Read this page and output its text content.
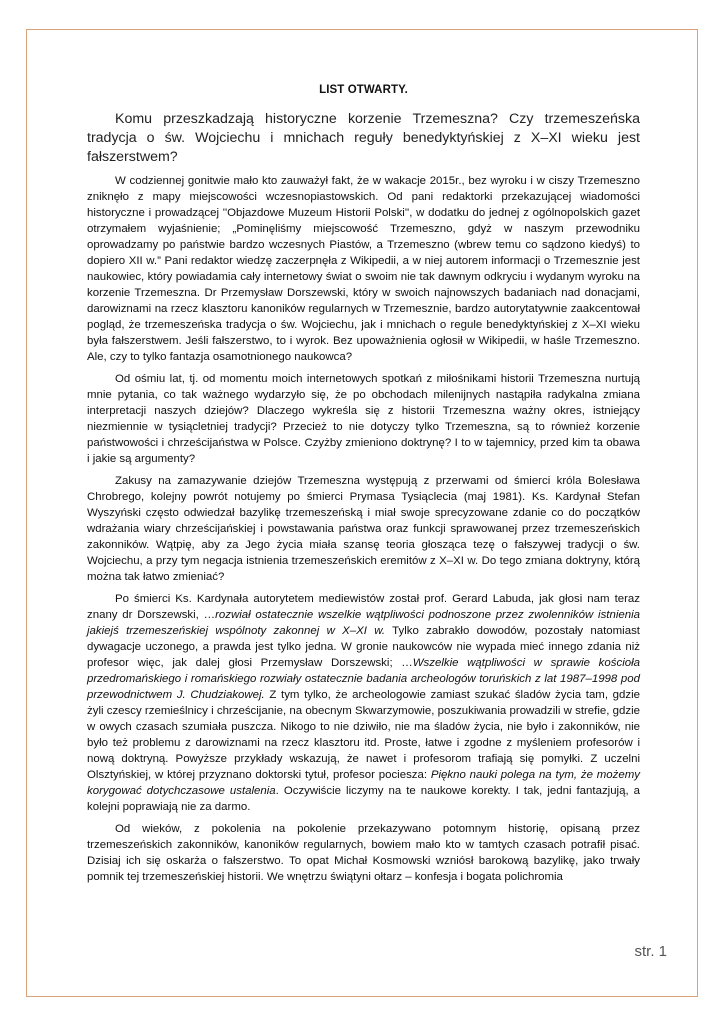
LIST OTWARTY.
Komu przeszkadzają historyczne korzenie Trzemeszna? Czy trzemeszeńska tradycja o św. Wojciechu i mnichach reguły benedyktyńskiej z X–XI wieku jest fałszerstwem?

W codziennej gonitwie mało kto zauważył fakt, że w wakacje 2015r., bez wyroku i w ciszy Trzemeszno zniknęło z mapy miejscowości wczesnopiastowskich. Od pani redaktorki przekazującej wiadomości historyczne i prowadzącej ''Objazdowe Muzeum Historii Polski'', w dodatku do jednej z ogólnopolskich gazet otrzymałem wyjaśnienie; „Pominęliśmy miejscowość Trzemeszno, gdyż w naszym przewodniku oprowadzamy po państwie bardzo wczesnych Piastów, a Trzemeszno (wbrew temu co sądzono kiedyś) to dopiero XII w.” Pani redaktor wiedzę zaczerpnęła z Wikipedii, a w niej autorem informacji o Trzemesznie jest naukowiec, który powiadamia cały internetowy świat o swoim nie tak dawnym odkryciu i wydanym wyroku na korzenie Trzemeszna. Dr Przemysław Dorszewski, który w swoich najnowszych badaniach nad donacjami, darowiznami na rzecz klasztoru kanoników regularnych w Trzemesznie, bardzo autorytatywnie zaakcentował pogląd, że trzemeszeńska tradycja o św. Wojciechu, jak i mnichach o regule benedyktyńskiej z X–XI wieku była fałszerstwem. Jeśli fałszerstwo, to i wyrok. Bez upoważnienia ogłosił w Wikipedii, w haśle Trzemeszno. Ale, czy to tylko fantazja osamotnionego naukowca?

Od ośmiu lat, tj. od momentu moich internetowych spotkań z miłośnikami historii Trzemeszna nurtują mnie pytania, co tak ważnego wydarzyło się, że po obchodach milenijnych nastąpiła radykalna zmiana interpretacji naszych dziejów? Dlaczego wykreśla się z historii Trzemeszna ważny okres, istniejący niezmiennie w tysiącletniej tradycji? Przecież to nie dotyczy tylko Trzemeszna, są to również korzenie państwowości i chrześcijaństwa w Polsce. Czyżby zmieniono doktrynę? I to w tajemnicy, przed kim ta obawa i jakie są argumenty?

Zakusy na zamazywanie dziejów Trzemeszna występują z przerwami od śmierci króla Bolesława Chrobrego, kolejny powrót notujemy po śmierci Prymasa Tysiąclecia (maj 1981). Ks. Kardynał Stefan Wyszyński często odwiedzał bazylikę trzemeszeńską i miał swoje sprecyzowane zdanie co do początków wdrażania wiary chrześcijańskiej i powstawania państwa oraz funkcji sprawowanej przez trzemeszeńskich zakonników. Wątpię, aby za Jego życia miała szansę teoria głosząca tezę o fałszywej tradycji o św. Wojciechu, a przy tym negacja istnienia trzemeszeńskich eremitów z X–XI w. Do tego zmiana doktryny, którą można tak łatwo zmieniać?

Po śmierci Ks. Kardynała autorytetem mediewistów został prof. Gerard Labuda, jak głosi nam teraz znany dr Dorszewski, …rozwiał ostatecznie wszelkie wątpliwości podnoszone przez zwolenników istnienia jakiejś trzemeszeńskiej wspólnoty zakonnej w X–XI w. Tylko zabrakło dowodów, pozostały natomiast dywagacje uczonego, a prawda jest tylko jedna. W gronie naukowców nie wypada mieć innego zdania niż profesor więc, jak dalej głosi Przemysław Dorszewski; …Wszelkie wątpliwości w sprawie kościoła przedromańskiego i romańskiego rozwiały ostatecznie badania archeologów toruńskich z lat 1987–1998 pod przewodnictwem J. Chudziakowej. Z tym tylko, że archeologowie zamiast szukać śladów życia tam, gdzie żyli czescy rzemieślnicy i chrześcijanie, na obecnym Skwarzymowie, poszukiwania prowadzili w strefie, gdzie w owych czasach szumiała puszcza. Nikogo to nie dziwiło, nie ma śladów życia, nie było i zakonników, nie było też problemu z darowiznami na rzecz klasztoru itd. Proste, łatwe i zgodne z myśleniem profesorów i nową doktryną. Powyższe przykłady wskazują, że nawet i profesorom trafiają się pomyłki. Z uczelni Olsztyńskiej, w której przyznano doktorski tytuł, profesor pociesza: Piękno nauki polega na tym, że możemy korygować dotychczasowe ustalenia. Oczywiście liczymy na te naukowe korekty. I tak, jedni fantazjują, a kolejni poprawiają nie za darmo.

Od wieków, z pokolenia na pokolenie przekazywano potomnym historię, opisaną przez trzemeszeńskich zakonników, kanoników regularnych, bowiem mało kto w tamtych czasach potrafił pisać. Dzisiaj ich się oskarża o fałszerstwo. To opat Michał Kosmowski wzniósł barokową bazylikę, jako trwały pomnik tej trzemeszeńskiej historii. We wnętrzu świątyni ołtarz – konfesja i bogata polichromia

str. 1
